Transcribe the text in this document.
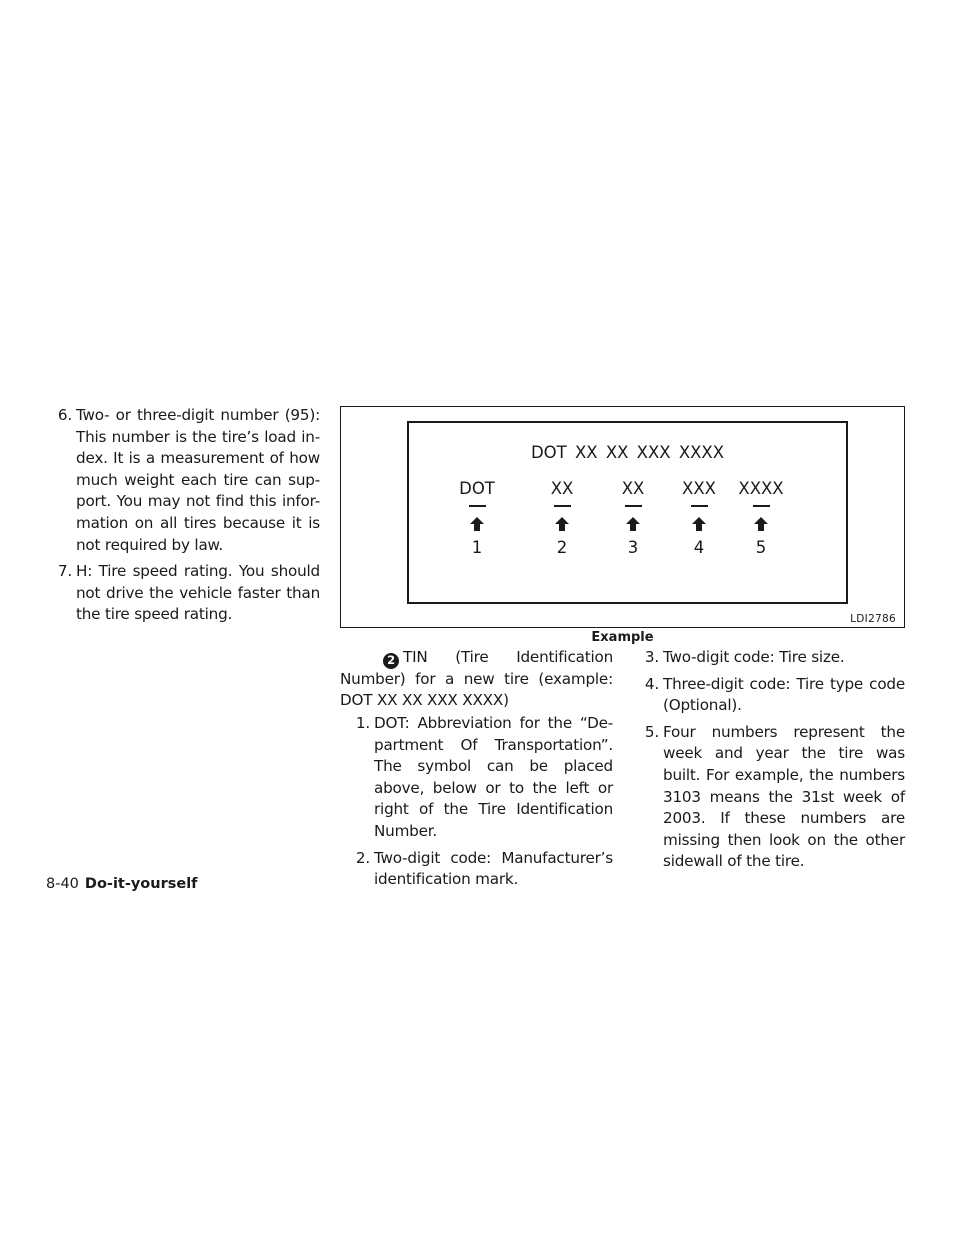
6. Two- or three-digit number (95): This number is the tire’s load in-dex. It is a measurement of how much weight each tire can sup-port. You may not find this infor-mation on all tires because it is not required by law.
7. H: Tire speed rating. You should not drive the vehicle faster than the tire speed rating.	LDI2786
DOT XX XX XXX XXXX
DOT
1
XX
2
XX
3
XXX
4
XXXX
5
Example
2 TIN (Tire Identification Number) for a new tire (example: DOT XX XX XXX XXXX)
1. DOT: Abbreviation for the “De-partment Of Transportation”. The symbol can be placed above, below or to the left or right of the Tire Identification Number.
2. Two-digit code: Manufacturer’s identification mark.
3. Two-digit code: Tire size.
4. Three-digit code: Tire type code (Optional).
5. Four numbers represent the week and year the tire was built. For example, the numbers 3103 means the 31st week of 2003. If these numbers are missing then look on the other sidewall of the tire.
8-40 Do-it-yourself
